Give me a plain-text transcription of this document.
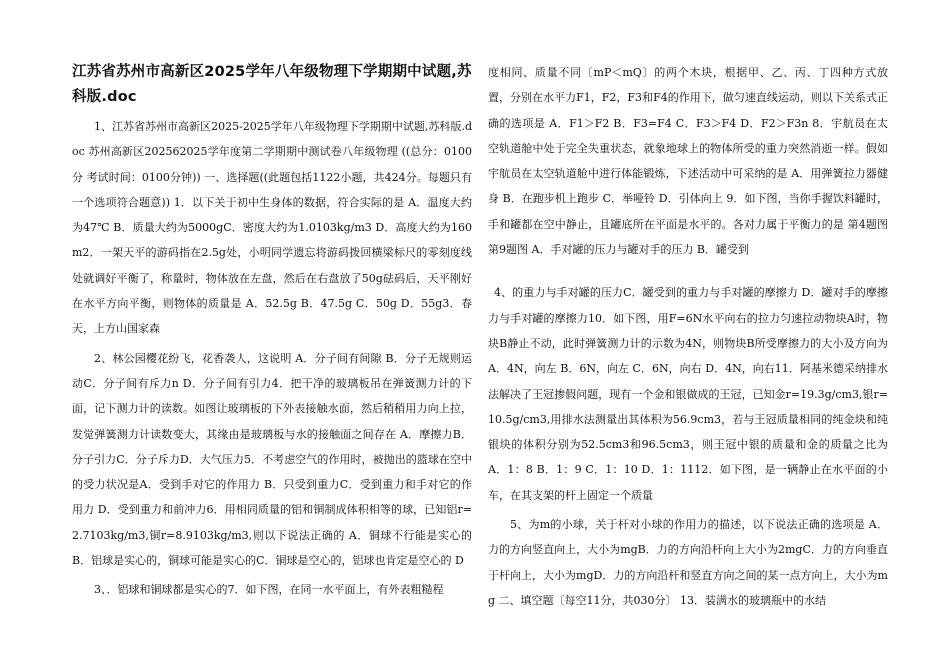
江苏省苏州市高新区2025学年八年级物理下学期期中试题,苏科版.doc

1、江苏省苏州市高新区2025-2025学年八年级物理下学期期中试题,苏科版.doc 苏州高新区202562025学年度第二学期期中测试卷八年级物理 ((总分：0100分 考试时间：0100分钟)) 一、选择题((此题包括1122小题，共424分。每题只有一个选项符合题意)) 1．以下关于初中生身体的数据，符合实际的是 A．温度大约为47℃ B．质量大约为5000gC．密度大约为1.0103kg/m3 D．高度大约为160m2．一架天平的游码指在2.5g处，小明同学遗忘将游码拨回横梁标尺的零刻度线处就调好平衡了，称量时，物体放在左盘，然后在右盘放了50g砝码后，天平刚好在水平方向平衡，则物体的质量是 A．52.5g B．47.5g C．50g D．55g3．春天，上方山国家森

2、林公园樱花纷飞，花香袭人，这说明 A．分子间有间隙 B．分子无规则运动C．分子间有斥力n D．分子间有引力4．把干净的玻璃板吊在弹簧测力计的下面，记下测力计的读数。如图让玻璃板的下外表接触水面，然后稍稍用力向上拉，发觉弹簧测力计读数变大，其缘由是玻璃板与水的接触面之间存在 A．摩擦力B．分子引力C．分子斥力D．大气压力5．不考虑空气的作用时，被抛出的篮球在空中的受力状况是A．受到手对它的作用力 B．只受到重力C．受到重力和手对它的作用力 D．受到重力和前冲力6．用相同质量的铝和铜制成体积相等的球，已知铝r=2.7103kg/m3,铜r=8.9103kg/m3,则以下说法正确的 A．铜球不行能是实心的 B．铝球是实心的，铜球可能是实心的C．铜球是空心的，铝球也肯定是空心的 D

3、．铝球和铜球都是实心的7．如下图，在同一水平面上，有外表粗糙程

度相同、质量不同〔mP＜mQ〕的两个木块，根据甲、乙、丙、丁四种方式放置，分别在水平力F1，F2，F3和F4的作用下，做匀速直线运动，则以下关系式正确的选项是 A．F1＞F2 B．F3=F4 C．F3＞F4 D．F2＞F3n 8．宇航员在太空轨道舱中处于完全失重状态，就象地球上的物体所受的重力突然消逝一样。假如宇航员在太空轨道舱中进行体能锻炼，下述活动中可采纳的是 A．用弹簧拉力器健身 B．在跑步机上跑步 C．举哑铃 D．引体向上 9．如下图，当你手握饮料罐时，手和罐都在空中静止，且罐底所在平面是水平的。各对力属于平衡力的是 第4题图第9题图 A．手对罐的压力与罐对手的压力 B．罐受到

4、的重力与手对罐的压力C．罐受到的重力与手对罐的摩擦力 D．罐对手的摩擦力与手对罐的摩擦力10．如下图，用F=6N水平向右的拉力匀速拉动物块A时，物块B静止不动，此时弹簧测力计的示数为4N，则物块B所受摩擦力的大小及方向为 A．4N，向左 B．6N，向左 C．6N，向右 D．4N，向右11．阿基米德采纳排水法解决了王冠掺假问题，现有一个金和银做成的王冠，已知金r=19.3g/cm3,银r=10.5g/cm3,用排水法测量出其体积为56.9cm3，若与王冠质量相同的纯金块和纯银块的体积分别为52.5cm3和96.5cm3，则王冠中银的质量和金的质量之比为A．1：8 B．1：9 C．1：10 D．1：1112．如下图，是一辆静止在水平面的小车，在其支架的杆上固定一个质量

5、为m的小球，关于杆对小球的作用力的描述，以下说法正确的选项是 A．力的方向竖直向上，大小为mgB．力的方向沿杆向上大小为2mgC．力的方向垂直于杆向上，大小为mgD．力的方向沿杆和竖直方向之间的某一点方向上，大小为mg 二、填空题〔每空11分，共030分〕 13．装满水的玻璃瓶中的水结
